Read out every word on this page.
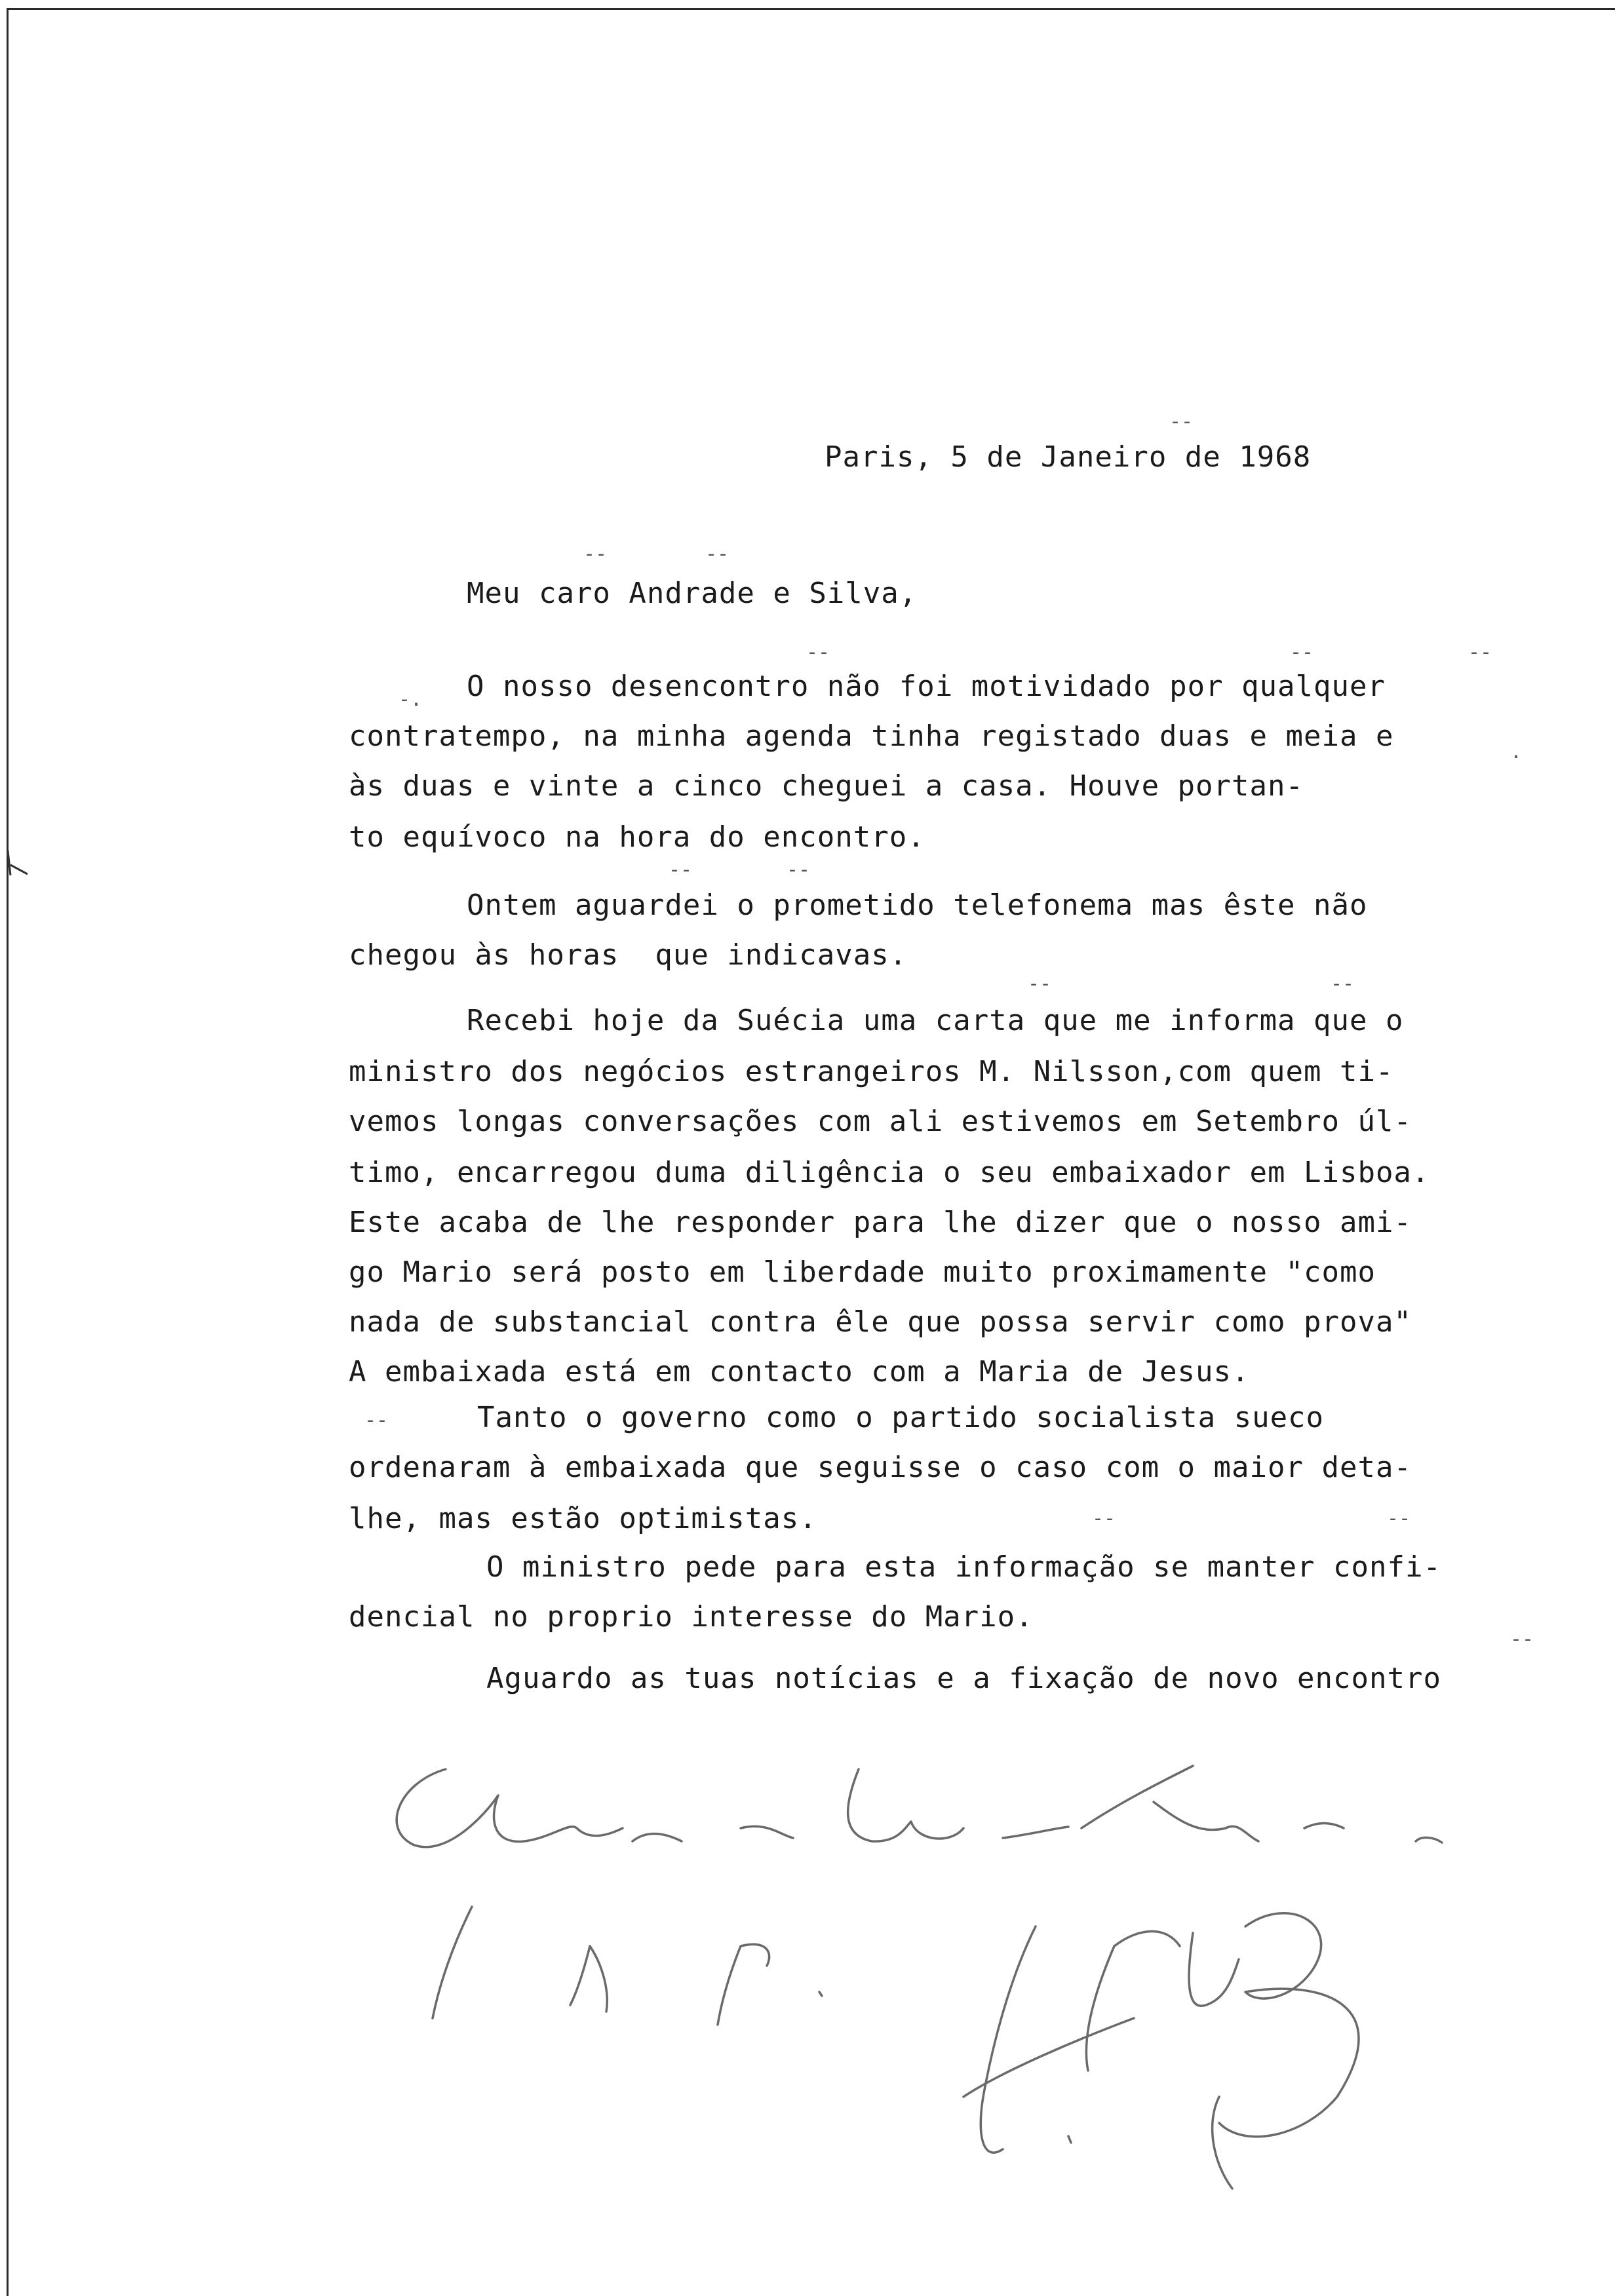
Paris, 5 de Janeiro de 1968
Meu caro Andrade e Silva,
O nosso desencontro não foi motividado por qualquer
contratempo, na minha agenda tinha registado duas e meia e
às duas e vinte a cinco cheguei a casa. Houve portan-
to equívoco na hora do encontro.
Ontem aguardei o prometido telefonema mas êste não
chegou às horas  que indicavas.
Recebi hoje da Suécia uma carta que me informa que o
ministro dos negócios estrangeiros M. Nilsson,com quem ti-
vemos longas conversações com ali estivemos em Setembro úl-
timo, encarregou duma diligência o seu embaixador em Lisboa.
Este acaba de lhe responder para lhe dizer que o nosso ami-
go Mario será posto em liberdade muito proximamente "como
nada de substancial contra êle que possa servir como prova"
A embaixada está em contacto com a Maria de Jesus.
Tanto o governo como o partido socialista sueco
ordenaram à embaixada que seguisse o caso com o maior deta-
lhe, mas estão optimistas.
O ministro pede para esta informação se manter confi-
dencial no proprio interesse do Mario.
Aguardo as tuas notícias e a fixação de novo encontro
--
--	--
--	--	--
-.
.
--	--
--	--
--
--	--
--
